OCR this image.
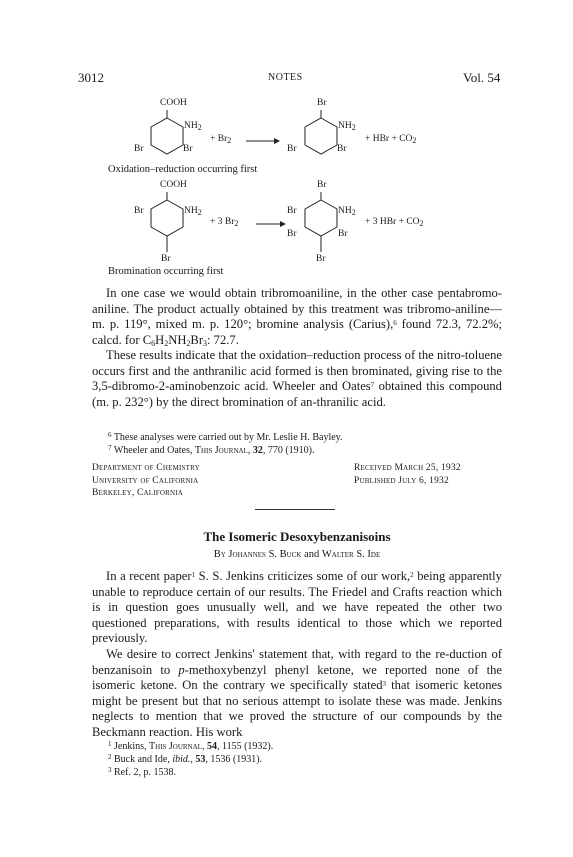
3012	NOTES	Vol. 54
COOH
$NH_2$
Br	Br
+ $Br_2$
Br
$NH_2$
Br	Br
+ HBr + $CO_2$
Oxidation–reduction occurring first
COOH
Br	$NH_2$
Br
+ 3 $Br_2$
Br
Br	$NH_2$
Br	Br
Br
+ 3 HBr + $CO_2$
Bromination occurring first

In one case we would obtain tribromoaniline, in the other case pentabromo-aniline. The product actually obtained by this treatment was tribromo-aniline—m. p. 119°, mixed m. p. 120°; bromine analysis (Carius),$^6$ found 72.3, 72.2%; calcd. for $C_6H_2NH_2Br_3$: 72.7.

These results indicate that the oxidation–reduction process of the nitro-toluene occurs first and the anthranilic acid formed is then brominated, giving rise to the 3,5-dibromo-2-aminobenzoic acid. Wheeler and Oates$^7$ obtained this compound (m. p. 232°) by the direct bromination of an-thranilic acid.

$^6$ These analyses were carried out by Mr. Leslie H. Bayley.

$^7$ Wheeler and Oates, This Journal, 32, 770 (1910).

Department of Chemistry
University of California
Berkeley, California
Received March 25, 1932
Published July 6, 1932
The Isomeric Desoxybenzanisoins
By Johannes S. Buck and Walter S. Ide

In a recent paper$^1$ S. S. Jenkins criticizes some of our work,$^2$ being apparently unable to reproduce certain of our results. The Friedel and Crafts reaction which is in question goes unusually well, and we have repeated the other two questioned preparations, with results identical to those which we reported previously.

We desire to correct Jenkins' statement that, with regard to the re-duction of benzanisoin to p-methoxybenzyl phenyl ketone, we reported none of the isomeric ketone. On the contrary we specifically stated$^3$ that isomeric ketones might be present but that no serious attempt to isolate these was made. Jenkins neglects to mention that we proved the structure of our compounds by the Beckmann reaction. His work

$^1$ Jenkins, This Journal, 54, 1155 (1932).

$^2$ Buck and Ide, ibid., 53, 1536 (1931).

$^3$ Ref. 2, p. 1538.
